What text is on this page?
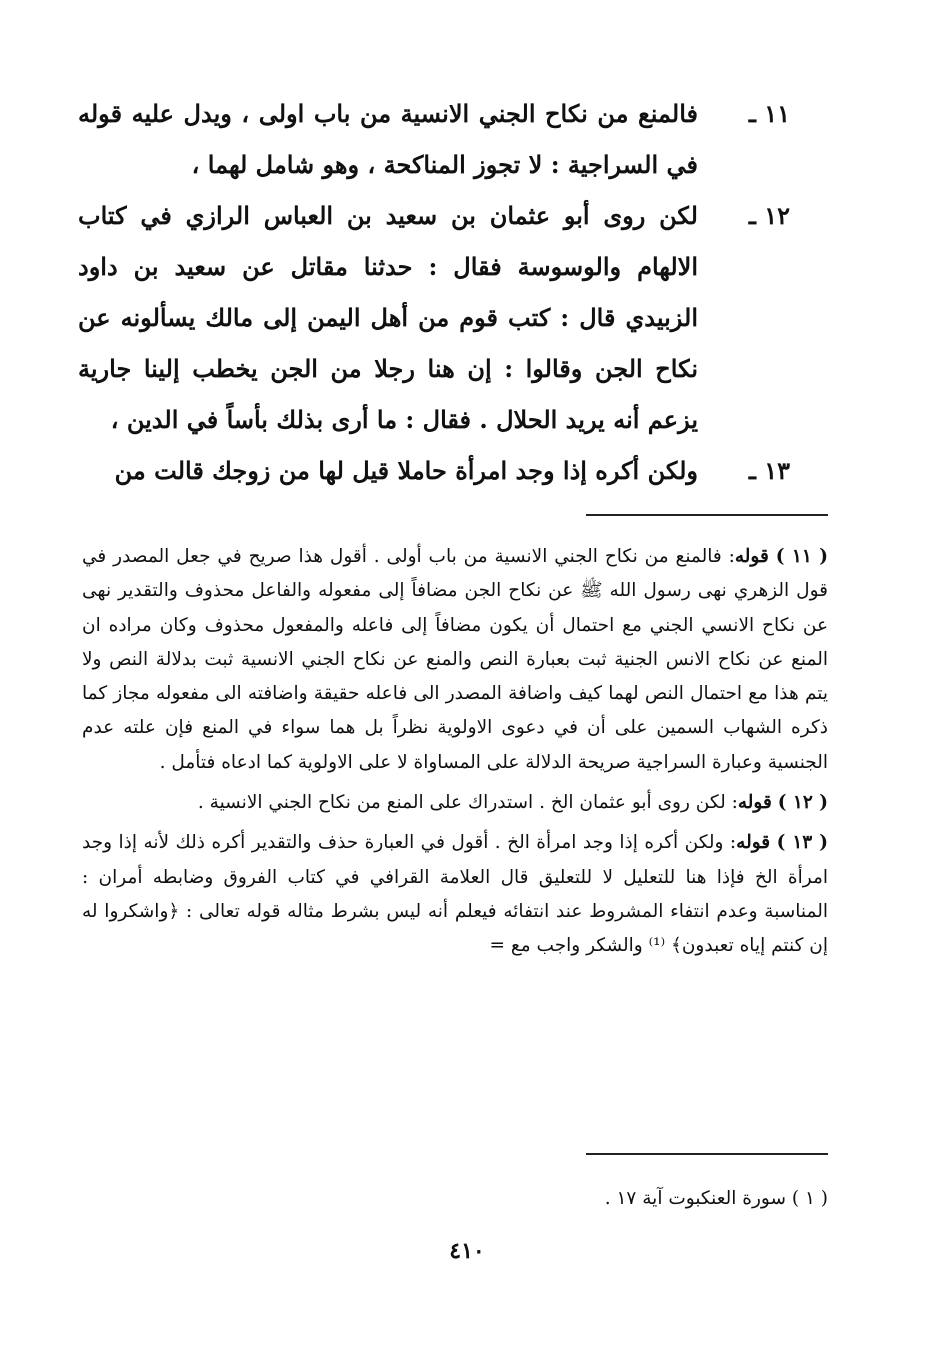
١١ ـ
فالمنع من نكاح الجني الانسية من باب اولى ، ويدل عليه قوله في السراجية : لا تجوز المناكحة ، وهو شامل لهما ،
١٢ ـ
لكن روى أبو عثمان بن سعيد بن العباس الرازي في كتاب الالهام والوسوسة فقال : حدثنا مقاتل عن سعيد بن داود الزبيدي قال : كتب قوم من أهل اليمن إلى مالك يسألونه عن نكاح الجن وقالوا : إن هنا رجلا من الجن يخطب إلينا جارية يزعم أنه يريد الحلال . فقال : ما أرى بذلك بأساً في الدين ،
١٣ ـ
ولكن أكره إذا وجد امرأة حاملا قيل لها من زوجك قالت من

( ١١ ) قوله: فالمنع من نكاح الجني الانسية من باب أولى . أقول هذا صريح في جعل المصدر في قول الزهري نهى رسول الله ﷺ عن نكاح الجن مضافاً إلى مفعوله والفاعل محذوف والتقدير نهى عن نكاح الانسي الجني مع احتمال أن يكون مضافاً إلى فاعله والمفعول محذوف وكان مراده ان المنع عن نكاح الانس الجنية ثبت بعبارة النص والمنع عن نكاح الجني الانسية ثبت بدلالة النص ولا يتم هذا مع احتمال النص لهما كيف واضافة المصدر الى فاعله حقيقة واضافته الى مفعوله مجاز كما ذكره الشهاب السمين على أن في دعوى الاولوية نظراً بل هما سواء في المنع فإن علته عدم الجنسية وعبارة السراجية صريحة الدلالة على المساواة لا على الاولوية كما ادعاه فتأمل .

( ١٢ ) قوله: لكن روى أبو عثمان الخ . استدراك على المنع من نكاح الجني الانسية .

( ١٣ ) قوله: ولكن أكره إذا وجد امرأة الخ . أقول في العبارة حذف والتقدير أكره ذلك لأنه إذا وجد امرأة الخ فإذا هنا للتعليل لا للتعليق قال العلامة القرافي في كتاب الفروق وضابطه أمران : المناسبة وعدم انتفاء المشروط عند انتفائه فيعلم أنه ليس بشرط مثاله قوله تعالى : ﴿واشكروا له إن كنتم إياه تعبدون﴾ ⁽¹⁾ والشكر واجب مع =

( ١ ) سورة العنكبوت آية ١٧ .
٤١٠
